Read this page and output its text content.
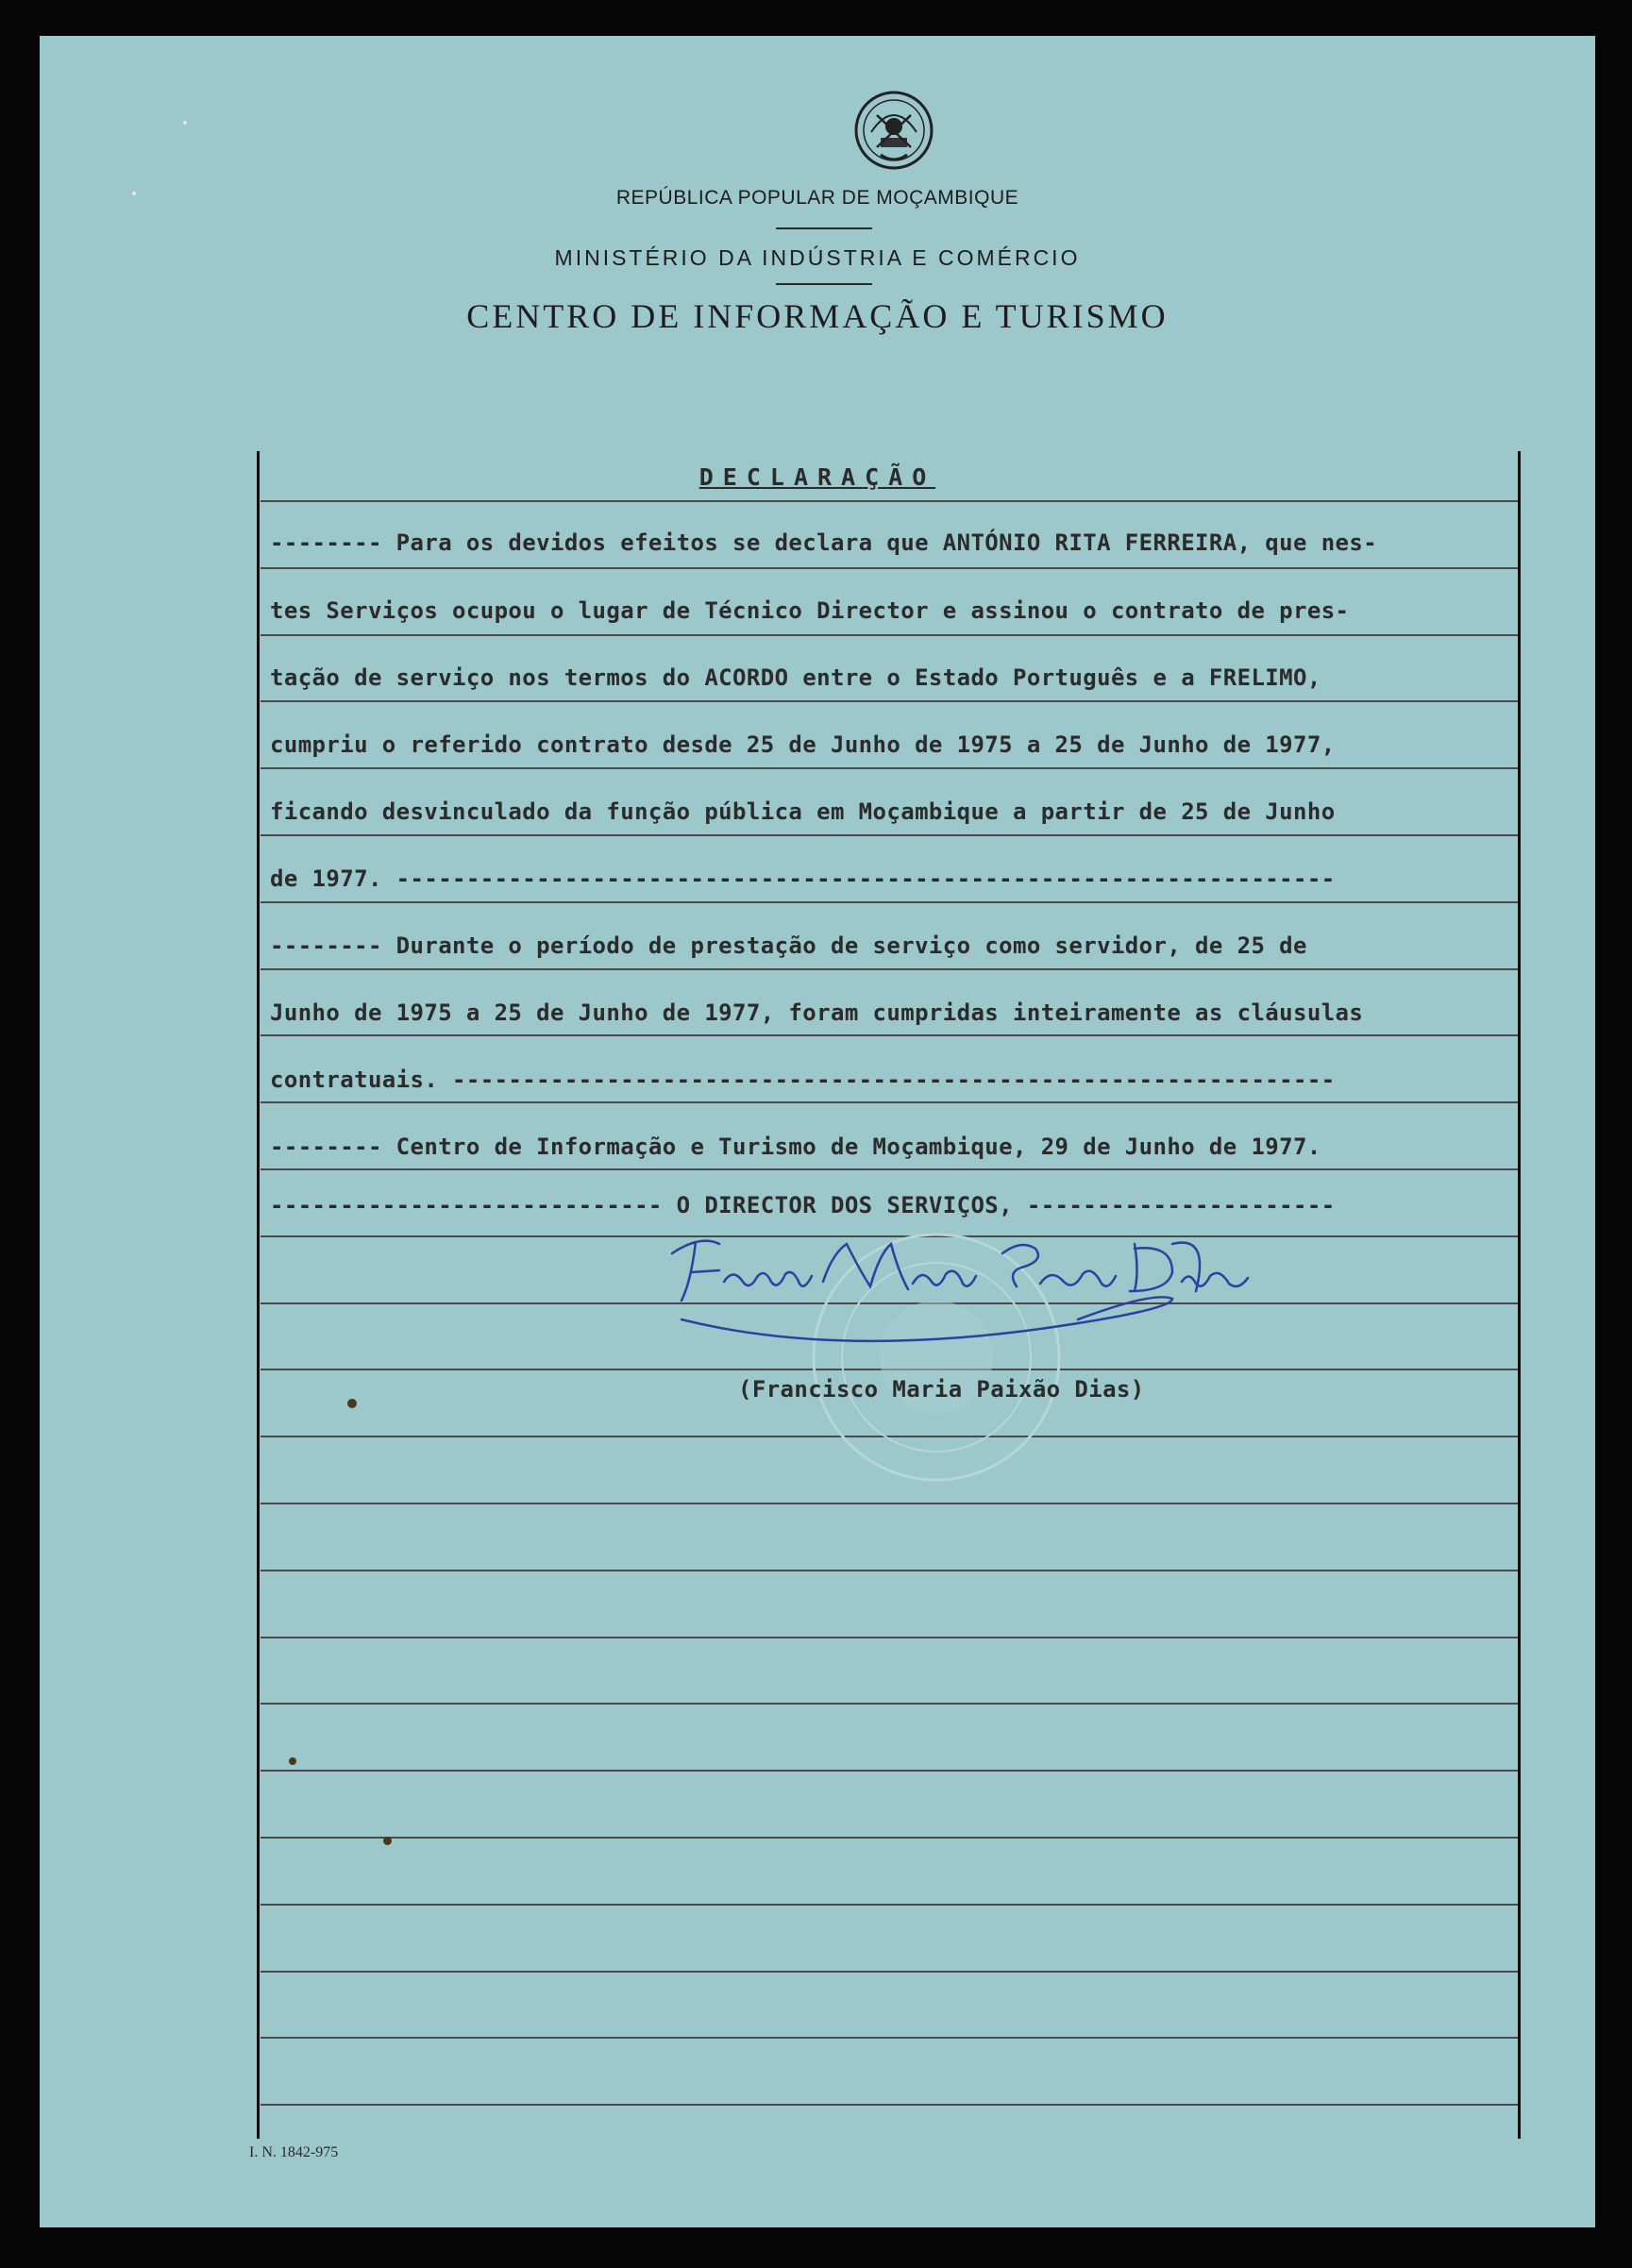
REPÚBLICA POPULAR DE MOÇAMBIQUE
MINISTÉRIO DA INDÚSTRIA E COMÉRCIO
CENTRO DE INFORMAÇÃO E TURISMO

DECLARAÇÃO

-------- Para os devidos efeitos se declara que ANTÓNIO RITA FERREIRA, que nes-

tes Serviços ocupou o lugar de Técnico Director e assinou o contrato de pres-

tação de serviço nos termos do ACORDO entre o Estado Português e a FRELIMO,

cumpriu o referido contrato desde 25 de Junho de 1975 a 25 de Junho de 1977,

ficando desvinculado da função pública em Moçambique a partir de 25 de Junho

de 1977. -------------------------------------------------------------------

-------- Durante o período de prestação de serviço como servidor, de 25 de

Junho de 1975 a 25 de Junho de 1977, foram cumpridas inteiramente as cláusulas

contratuais. ---------------------------------------------------------------

-------- Centro de Informação e Turismo de Moçambique, 29 de Junho de 1977.

---------------------------- O DIRECTOR DOS SERVIÇOS, ----------------------

(Francisco Maria Paixão Dias)

I. N. 1842-975
